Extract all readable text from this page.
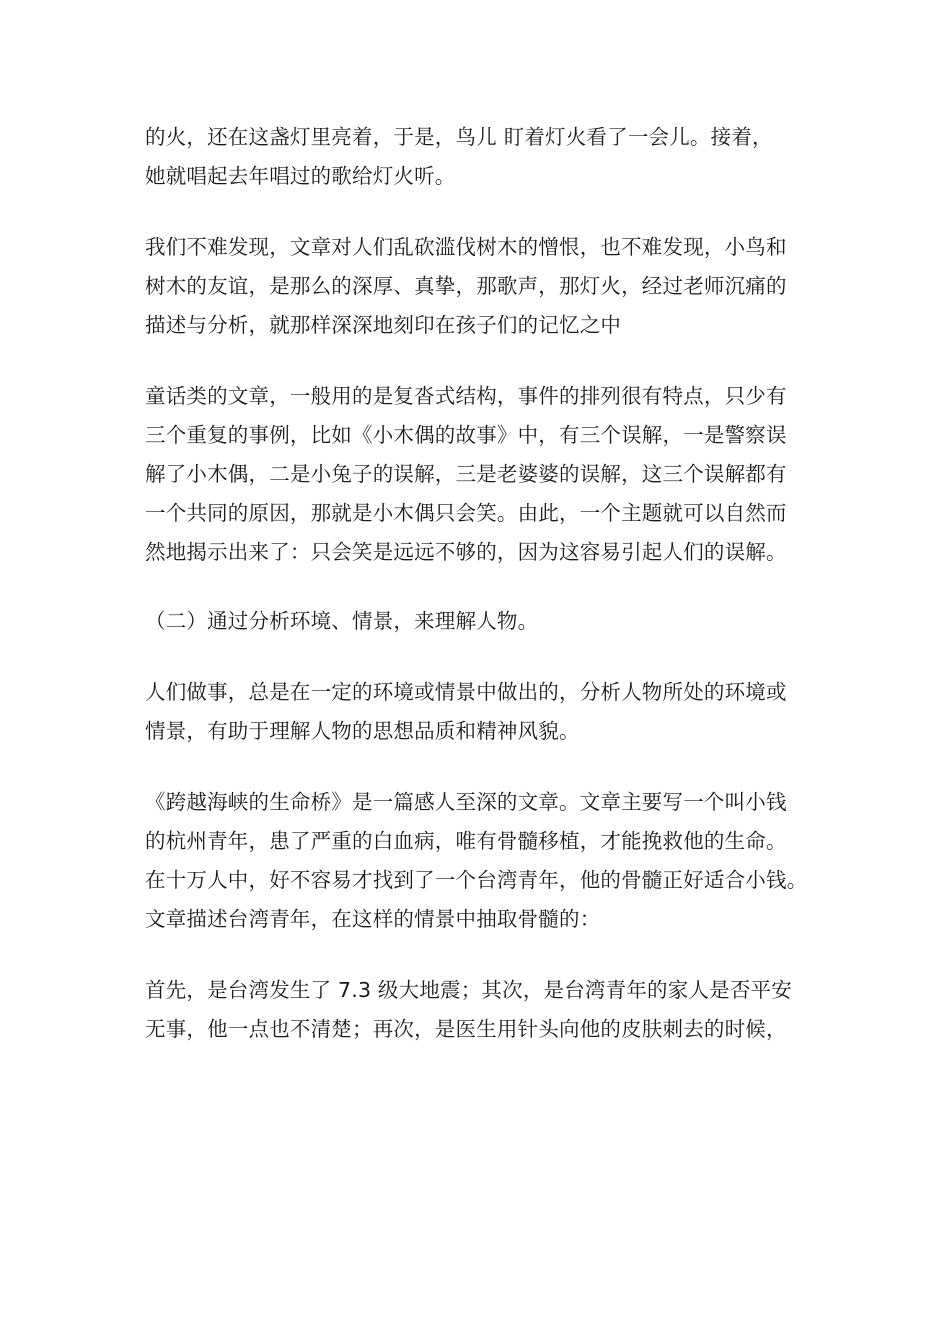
的火，还在这盏灯里亮着，于是，鸟儿 盯着灯火看了一会儿。接着，
她就唱起去年唱过的歌给灯火听。

我们不难发现，文章对人们乱砍滥伐树木的憎恨，也不难发现，小鸟和
树木的友谊，是那么的深厚、真挚，那歌声，那灯火，经过老师沉痛的
描述与分析，就那样深深地刻印在孩子们的记忆之中

童话类的文章，一般用的是复沓式结构，事件的排列很有特点，只少有
三个重复的事例，比如《小木偶的故事》中，有三个误解，一是警察误
解了小木偶，二是小兔子的误解，三是老婆婆的误解，这三个误解都有
一个共同的原因，那就是小木偶只会笑。由此，一个主题就可以自然而
然地揭示出来了：只会笑是远远不够的，因为这容易引起人们的误解。

（二）通过分析环境、情景，来理解人物。

人们做事，总是在一定的环境或情景中做出的，分析人物所处的环境或
情景，有助于理解人物的思想品质和精神风貌。

《跨越海峡的生命桥》是一篇感人至深的文章。文章主要写一个叫小钱
的杭州青年，患了严重的白血病，唯有骨髓移植，才能挽救他的生命。
在十万人中，好不容易才找到了一个台湾青年，他的骨髓正好适合小钱。
文章描述台湾青年，在这样的情景中抽取骨髓的：

首先，是台湾发生了 7.3 级大地震；其次，是台湾青年的家人是否平安
无事，他一点也不清楚；再次，是医生用针头向他的皮肤刺去的时候，
